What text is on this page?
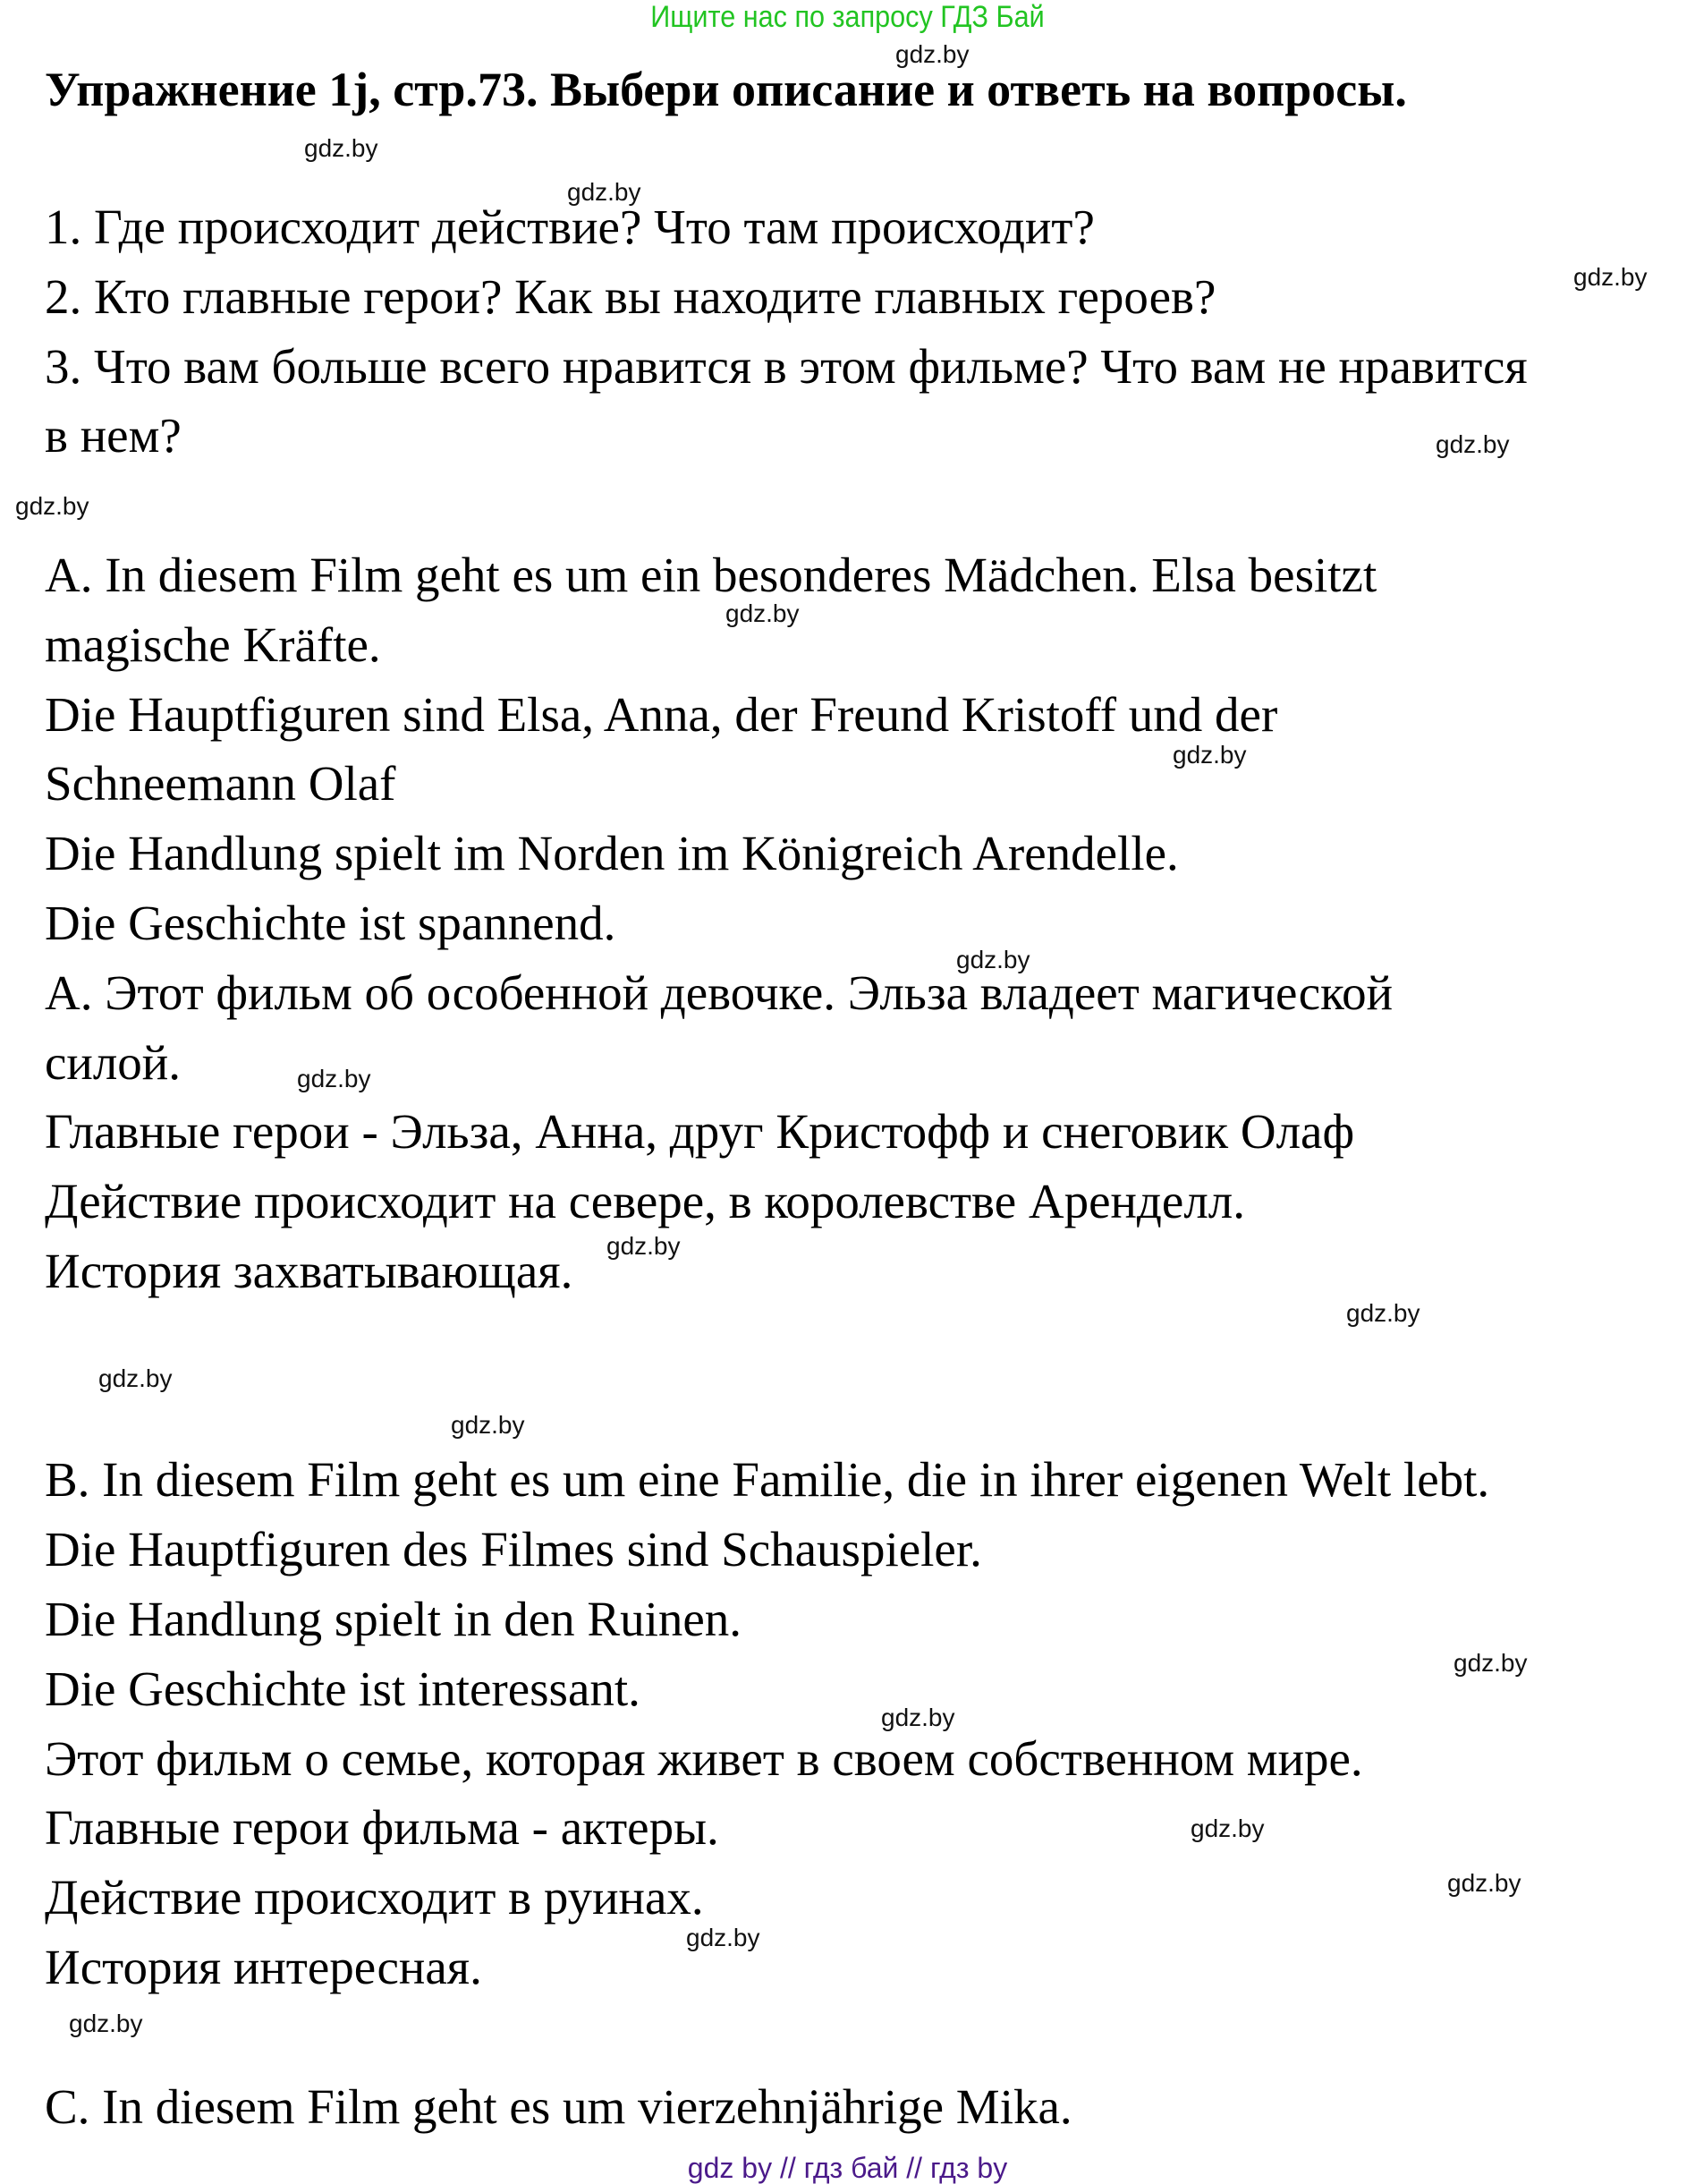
Ищите нас по запросу ГДЗ Бай
Упражнение 1j, стр.73. Выбери описание и ответь на вопросы.
1. Где происходит действие? Что там происходит?
2. Кто главные герои? Как вы находите главных героев?
3. Что вам больше всего нравится в этом фильме? Что вам не нравится
в нем?
A. In diesem Film geht es um ein besonderes Mädchen. Elsa besitzt
magische Kräfte.
Die Hauptfiguren sind Elsa, Anna, der Freund Kristoff und der
Schneemann Olaf
Die Handlung spielt im Norden im Königreich Arendelle.
Die Geschichte ist spannend.
А. Этот фильм об особенной девочке. Эльза владеет магической
силой.
Главные герои - Эльза, Анна, друг Кристофф и снеговик Олаф
Действие происходит на севере, в королевстве Аренделл.
История захватывающая.
B. In diesem Film geht es um eine Familie, die in ihrer eigenen Welt lebt.
Die Hauptfiguren des Filmes sind Schauspieler.
Die Handlung spielt in den Ruinen.
Die Geschichte ist interessant.
Этот фильм о семье, которая живет в своем собственном мире.
Главные герои фильма - актеры.
Действие происходит в руинах.
История интересная.
C. In diesem Film geht es um vierzehnjährige Mika.
gdz.by
gdz.by
gdz.by
gdz.by
gdz.by
gdz.by
gdz.by
gdz.by
gdz.by
gdz.by
gdz.by
gdz.by
gdz.by
gdz.by
gdz.by
gdz.by
gdz.by
gdz.by
gdz.by
gdz.by
gdz by // гдз бай // гдз by
